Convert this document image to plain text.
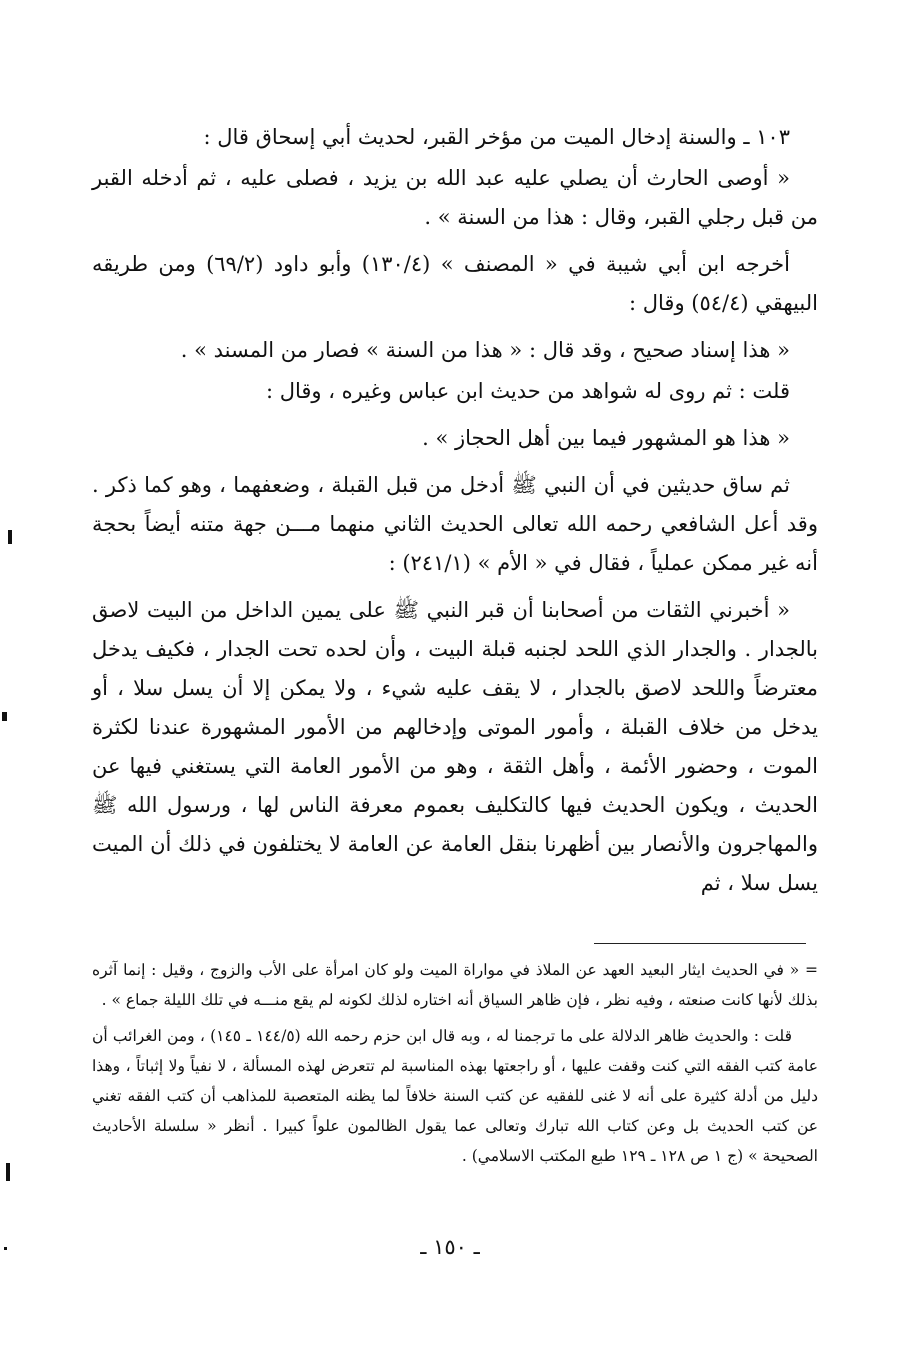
١٠٣ ـ والسنة إدخال الميت من مؤخر القبر، لحديث أبي إسحاق قال :

« أوصى الحارث أن يصلي عليه عبد الله بن يزيد ، فصلى عليه ، ثم أدخله القبر من قبل رجلي القبر، وقال : هذا من السنة » .

أخرجه ابن أبي شيبة في « المصنف » (١٣٠/٤) وأبو داود (٦٩/٢) ومن طريقه البيهقي (٥٤/٤) وقال :

« هذا إسناد صحيح ، وقد قال : « هذا من السنة » فصار من المسند » .

قلت : ثم روى له شواهد من حديث ابن عباس وغيره ، وقال :

« هذا هو المشهور فيما بين أهل الحجاز » .

ثم ساق حديثين في أن النبي ﷺ أدخل من قبل القبلة ، وضعفهما ، وهو كما ذكر . وقد أعل الشافعي رحمه الله تعالى الحديث الثاني منهما مـــن جهة متنه أيضاً بحجة أنه غير ممكن عملياً ، فقال في « الأم » (٢٤١/١) :

« أخبرني الثقات من أصحابنا أن قبر النبي ﷺ على يمين الداخل من البيت لاصق بالجدار . والجدار الذي اللحد لجنبه قبلة البيت ، وأن لحده تحت الجدار ، فكيف يدخل معترضاً واللحد لاصق بالجدار ، لا يقف عليه شيء ، ولا يمكن إلا أن يسل سلا ، أو يدخل من خلاف القبلة ، وأمور الموتى وإدخالهم من الأمور المشهورة عندنا لكثرة الموت ، وحضور الأئمة ، وأهل الثقة ، وهو من الأمور العامة التي يستغني فيها عن الحديث ، ويكون الحديث فيها كالتكليف بعموم معرفة الناس لها ، ورسول الله ﷺ والمهاجرون والأنصار بين أظهرنا بنقل العامة عن العامة لا يختلفون في ذلك أن الميت يسل سلا ، ثم

= « في الحديث ايثار البعيد العهد عن الملاذ في مواراة الميت ولو كان امرأة على الأب والزوج ، وقيل : إنما آثره بذلك لأنها كانت صنعته ، وفيه نظر ، فإن ظاهر السياق أنه اختاره لذلك لكونه لم يقع منـــه في تلك الليلة جماع » .

قلت : والحديث ظاهر الدلالة على ما ترجمنا له ، وبه قال ابن حزم رحمه الله (١٤٤/٥ ـ ١٤٥) ، ومن الغرائب أن عامة كتب الفقه التي كنت وقفت عليها ، أو راجعتها بهذه المناسبة لم تتعرض لهذه المسألة ، لا نفياً ولا إثباتاً ، وهذا دليل من أدلة كثيرة على أنه لا غنى للفقيه عن كتب السنة خلافاً لما يظنه المتعصبة للمذاهب أن كتب الفقه تغني عن كتب الحديث بل وعن كتاب الله تبارك وتعالى عما يقول الظالمون علواً كبيرا . أنظر « سلسلة الأحاديث الصحيحة » (ج ١ ص ١٢٨ ـ ١٢٩ طبع المكتب الاسلامي) .

ـ ١٥٠ ـ
